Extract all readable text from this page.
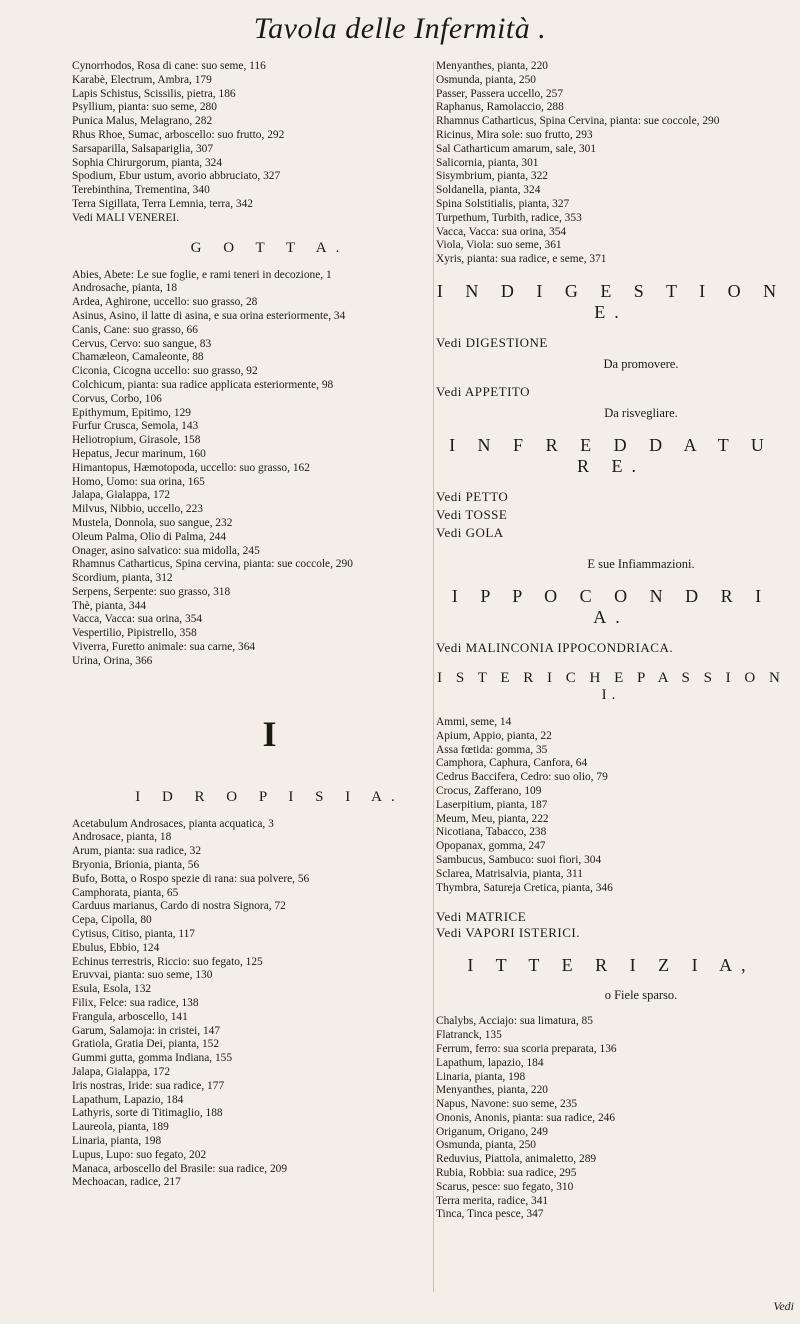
Tavola delle Infermità .

Cynorrhodos, Rosa di cane: suo seme, 116

Karabè, Electrum, Ambra, 179

Lapis Schistus, Scissilis, pietra, 186

Psyllium, pianta: suo seme, 280

Punica Malus, Melagrano, 282

Rhus Rhoe, Sumac, arboscello: suo frutto, 292

Sarsaparilla, Salsapariglia, 307

Sophia Chirurgorum, pianta, 324

Spodium, Ebur ustum, avorio abbruciato, 327

Terebinthina, Trementina, 340

Terra Sigillata, Terra Lemnia, terra, 342

Vedi MALI VENEREI.

G O T T A.

Abies, Abete: Le sue foglie, e rami teneri in decozione, 1

Androsache, pianta, 18

Ardea, Aghirone, uccello: suo grasso, 28

Asinus, Asino, il latte di asina, e sua orina esteriormente, 34

Canis, Cane: suo grasso, 66

Cervus, Cervo: suo sangue, 83

Chamæleon, Camaleonte, 88

Ciconia, Cicogna uccello: suo grasso, 92

Colchicum, pianta: sua radice applicata esteriormente, 98

Corvus, Corbo, 106

Epithymum, Epitimo, 129

Furfur Crusca, Semola, 143

Heliotropium, Girasole, 158

Hepatus, Jecur marinum, 160

Himantopus, Hæmotopoda, uccello: suo grasso, 162

Homo, Uomo: sua orina, 165

Jalapa, Gialappa, 172

Milvus, Nibbio, uccello, 223

Mustela, Donnola, suo sangue, 232

Oleum Palma, Olio di Palma, 244

Onager, asino salvatico: sua midolla, 245

Rhamnus Catharticus, Spina cervina, pianta: sue coccole, 290

Scordium, pianta, 312

Serpens, Serpente: suo grasso, 318

Thè, pianta, 344

Vacca, Vacca: sua orina, 354

Vespertilio, Pipistrello, 358

Viverra, Furetto animale: sua carne, 364

Urina, Orina, 366

I
I D R O P I S I A.

Acetabulum Androsaces, pianta acquatica, 3

Androsace, pianta, 18

Arum, pianta: sua radice, 32

Bryonia, Brionia, pianta, 56

Bufo, Botta, o Rospo spezie di rana: sua polvere, 56

Camphorata, pianta, 65

Carduus marianus, Cardo di nostra Signora, 72

Cepa, Cipolla, 80

Cytisus, Citiso, pianta, 117

Ebulus, Ebbio, 124

Echinus terrestris, Riccio: suo fegato, 125

Eruvvai, pianta: suo seme, 130

Esula, Esola, 132

Filix, Felce: sua radice, 138

Frangula, arboscello, 141

Garum, Salamoja: in cristei, 147

Gratiola, Gratia Dei, pianta, 152

Gummi gutta, gomma Indiana, 155

Jalapa, Gialappa, 172

Iris nostras, Iride: sua radice, 177

Lapathum, Lapazio, 184

Lathyris, sorte di Titimaglio, 188

Laureola, pianta, 189

Linaria, pianta, 198

Lupus, Lupo: suo fegato, 202

Manaca, arboscello del Brasile: sua radice, 209

Mechoacan, radice, 217

Menyanthes, pianta, 220

Osmunda, pianta, 250

Passer, Passera uccello, 257

Raphanus, Ramolaccio, 288

Rhamnus Catharticus, Spina Cervina, pianta: sue coccole, 290

Ricinus, Mira sole: suo frutto, 293

Sal Catharticum amarum, sale, 301

Salicornia, pianta, 301

Sisymbrium, pianta, 322

Soldanella, pianta, 324

Spina Solstitialis, pianta, 327

Turpethum, Turbith, radice, 353

Vacca, Vacca: sua orina, 354

Viola, Viola: suo seme, 361

Xyris, pianta: sua radice, e seme, 371

I N D I G E S T I O N E.
Vedi DIGESTIONE
Da promovere.
Vedi APPETITO
Da risvegliare.
I N F R E D D A T U R E.
Vedi PETTO
Vedi TOSSE
Vedi GOLA
E sue Infiammazioni.
I P P O C O N D R I A.
Vedi MALINCONIA IPPOCONDRIACA.
I S T E R I C H E P A S S I O N I.

Ammi, seme, 14

Apium, Appio, pianta, 22

Assa fœtida: gomma, 35

Camphora, Caphura, Canfora, 64

Cedrus Baccifera, Cedro: suo olio, 79

Crocus, Zafferano, 109

Laserpitium, pianta, 187

Meum, Meu, pianta, 222

Nicotiana, Tabacco, 238

Opopanax, gomma, 247

Sambucus, Sambuco: suoi fiori, 304

Sclarea, Matrisalvia, pianta, 311

Thymbra, Satureja Cretica, pianta, 346

Vedi MATRICE
Vedi VAPORI ISTERICI.
I T T E R I Z I A,
o Fiele sparso.

Chalybs, Acciajo: sua limatura, 85

Flatranck, 135

Ferrum, ferro: sua scoria preparata, 136

Lapathum, lapazio, 184

Linaria, pianta, 198

Menyanthes, pianta, 220

Napus, Navone: suo seme, 235

Ononis, Anonis, pianta: sua radice, 246

Origanum, Origano, 249

Osmunda, pianta, 250

Reduvius, Piattola, animaletto, 289

Rubia, Robbia: sua radice, 295

Scarus, pesce: suo fegato, 310

Terra merita, radice, 341

Tinca, Tinca pesce, 347

Vedi
